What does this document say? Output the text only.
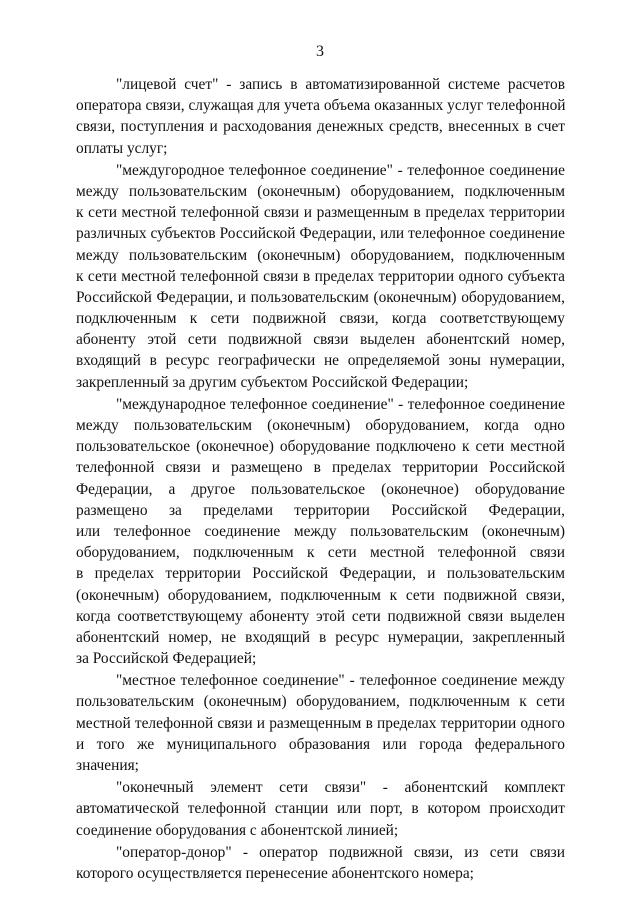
3
"лицевой счет" - запись в автоматизированной системе расчетов
оператора связи, служащая для учета объема оказанных услуг телефонной
связи, поступления и расходования денежных средств, внесенных в счет
оплаты услуг;
"междугородное телефонное соединение" - телефонное соединение
между пользовательским (оконечным) оборудованием, подключенным
к сети местной телефонной связи и размещенным в пределах территории
различных субъектов Российской Федерации, или телефонное соединение
между пользовательским (оконечным) оборудованием, подключенным
к сети местной телефонной связи в пределах территории одного субъекта
Российской Федерации, и пользовательским (оконечным) оборудованием,
подключенным к сети подвижной связи, когда соответствующему
абоненту этой сети подвижной связи выделен абонентский номер,
входящий в ресурс географически не определяемой зоны нумерации,
закрепленный за другим субъектом Российской Федерации;
"международное телефонное соединение" - телефонное соединение
между пользовательским (оконечным) оборудованием, когда одно
пользовательское (оконечное) оборудование подключено к сети местной
телефонной связи и размещено в пределах территории Российской
Федерации, а другое пользовательское (оконечное) оборудование
размещено за пределами территории Российской Федерации,
или телефонное соединение между пользовательским (оконечным)
оборудованием, подключенным к сети местной телефонной связи
в пределах территории Российской Федерации, и пользовательским
(оконечным) оборудованием, подключенным к сети подвижной связи,
когда соответствующему абоненту этой сети подвижной связи выделен
абонентский номер, не входящий в ресурс нумерации, закрепленный
за Российской Федерацией;
"местное телефонное соединение" - телефонное соединение между
пользовательским (оконечным) оборудованием, подключенным к сети
местной телефонной связи и размещенным в пределах территории одного
и того же муниципального образования или города федерального
значения;
"оконечный элемент сети связи" - абонентский комплект
автоматической телефонной станции или порт, в котором происходит
соединение оборудования с абонентской линией;
"оператор-донор" - оператор подвижной связи, из сети связи
которого осуществляется перенесение абонентского номера;
